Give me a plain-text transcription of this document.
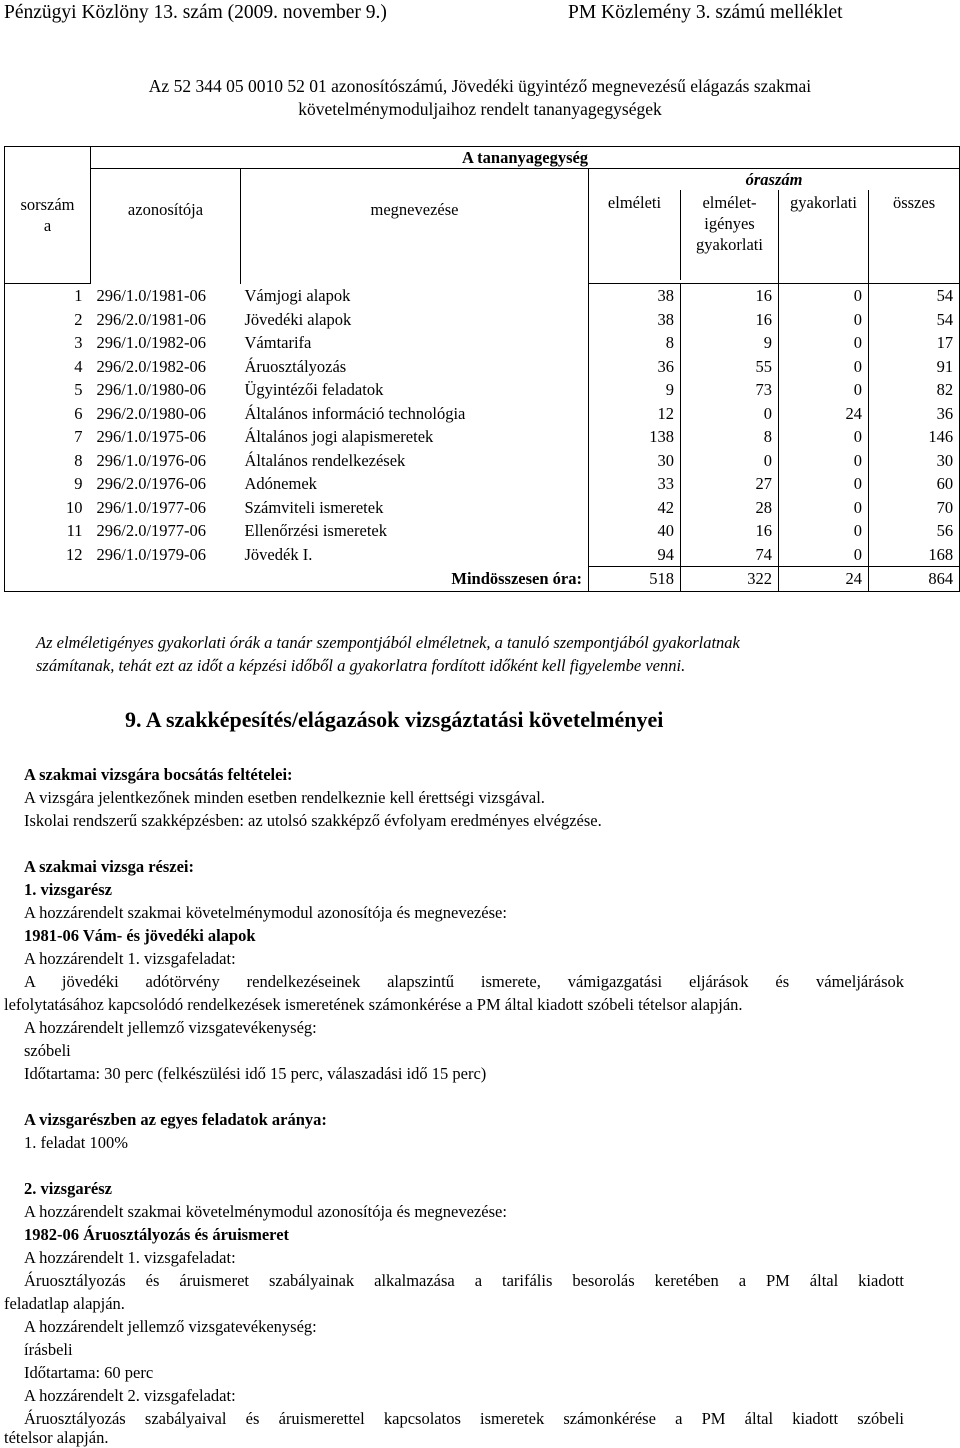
Pénzügyi Közlöny 13. szám (2009. november 9.)	PM Közlemény 3. számú melléklet
Az 52 344 05 0010 52 01 azonosítószámú, Jövedéki ügyintéző megnevezésű elágazás szakmai
követelménymoduljaihoz rendelt tananyagegységek
sorszám
a	A tananyagegység						
	azonosítója	megnevezése	óraszám				
			elméleti	elmélet-
igényes
gyakorlati	gyakorlati	összes	

1	296/1.0/1981-06	Vámjogi alapok	38	16	0	54	
2	296/2.0/1981-06	Jövedéki alapok	38	16	0	54	
3	296/1.0/1982-06	Vámtarifa	8	9	0	17	
4	296/2.0/1982-06	Áruosztályozás	36	55	0	91	
5	296/1.0/1980-06	Ügyintézői feladatok	9	73	0	82	
6	296/2.0/1980-06	Általános információ technológia	12	0	24	36	
7	296/1.0/1975-06	Általános jogi alapismeretek	138	8	0	146	
8	296/1.0/1976-06	Általános rendelkezések	30	0	0	30	
9	296/2.0/1976-06	Adónemek	33	27	0	60	
10	296/1.0/1977-06	Számviteli ismeretek	42	28	0	70	
11	296/2.0/1977-06	Ellenőrzési ismeretek	40	16	0	56	
12	296/1.0/1979-06	Jövedék I.	94	74	0	168	
Mindösszesen óra:			518	322	24	864	
Az elméletigényes gyakorlati órák a tanár szempontjából elméletnek, a tanuló szempontjából gyakorlatnak
számítanak, tehát ezt az időt a képzési időből a gyakorlatra fordított időként kell figyelembe venni.
9. A szakképesítés/elágazások vizsgáztatási követelményei
A szakmai vizsgára bocsátás feltételei:
A vizsgára jelentkezőnek minden esetben rendelkeznie kell érettségi vizsgával.
Iskolai rendszerű szakképzésben: az utolsó szakképző évfolyam eredményes elvégzése.
A szakmai vizsga részei:
1. vizsgarész
A hozzárendelt szakmai követelménymodul azonosítója és megnevezése:
1981-06 Vám- és jövedéki alapok
A hozzárendelt 1. vizsgafeladat:
A jövedéki adótörvény rendelkezéseinek alapszintű ismerete, vámigazgatási eljárások és vámeljárások
lefolytatásához kapcsolódó rendelkezések ismeretének számonkérése a PM által kiadott szóbeli tételsor alapján.
A hozzárendelt jellemző vizsgatevékenység:
szóbeli
Időtartama: 30 perc (felkészülési idő 15 perc, válaszadási idő 15 perc)
A vizsgarészben az egyes feladatok aránya:
1. feladat 100%
2. vizsgarész
A hozzárendelt szakmai követelménymodul azonosítója és megnevezése:
1982-06 Áruosztályozás és áruismeret
A hozzárendelt 1. vizsgafeladat:
Áruosztályozás és áruismeret szabályainak alkalmazása a tarifális besorolás keretében a PM által kiadott
feladatlap alapján.
A hozzárendelt jellemző vizsgatevékenység:
írásbeli
Időtartama: 60 perc
A hozzárendelt 2. vizsgafeladat:
Áruosztályozás szabályaival és áruismerettel kapcsolatos ismeretek számonkérése a PM által kiadott szóbeli
tételsor alapján.
